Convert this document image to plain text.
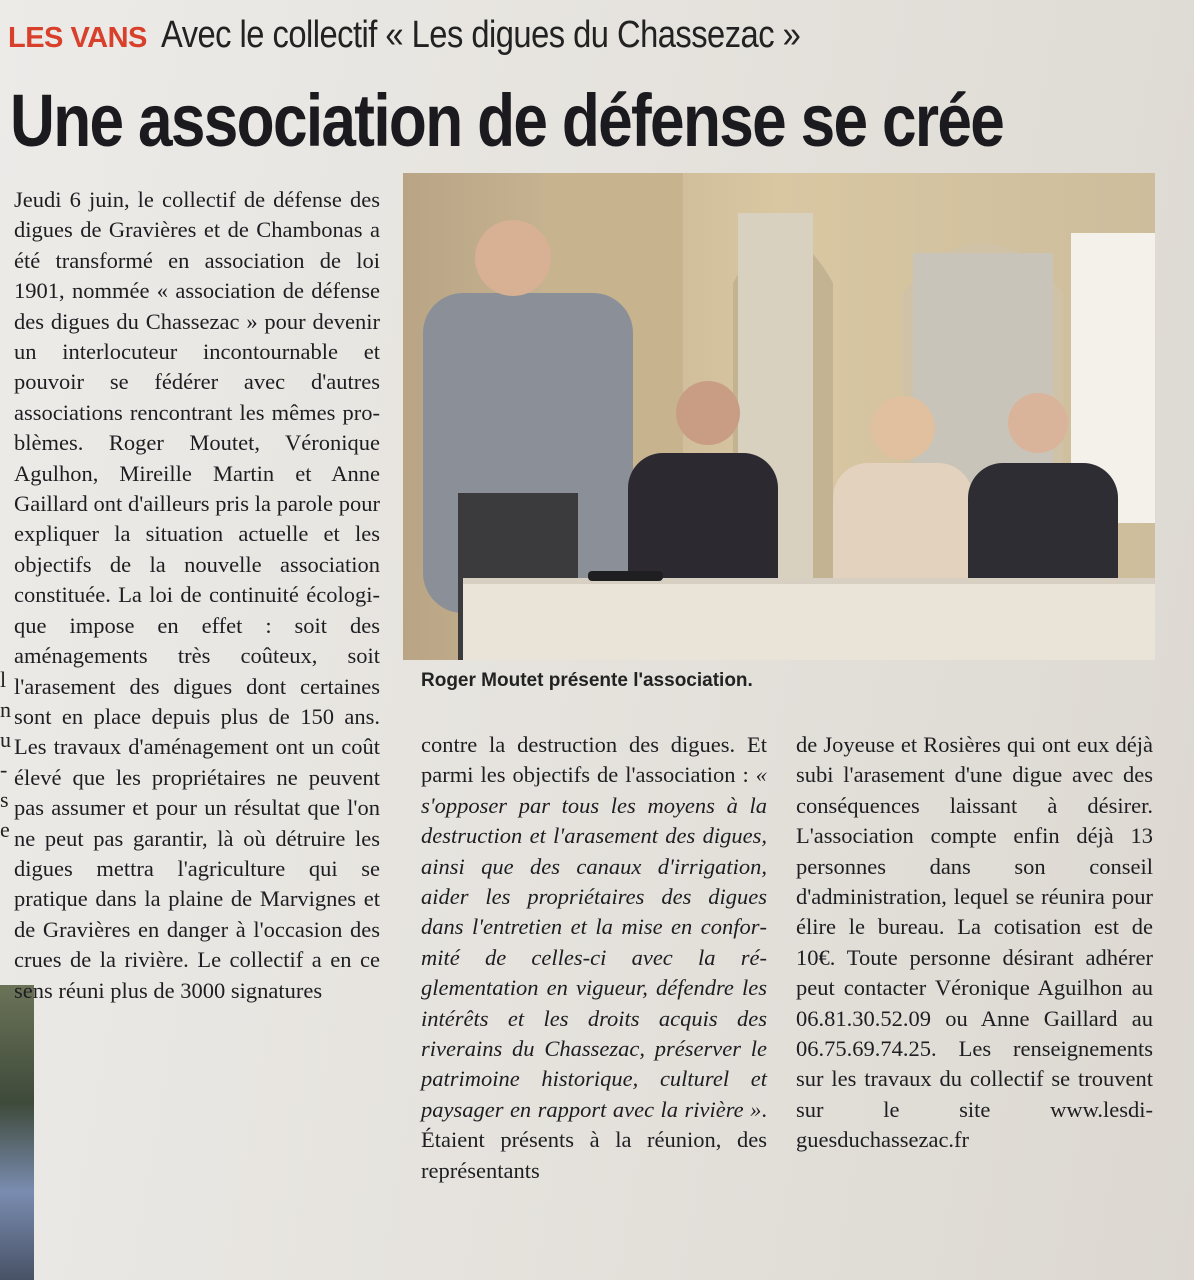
l
n
u
-
s
e
LES VANS Avec le collectif « Les digues du Chassezac »
Une association de défense se crée

Jeudi 6 juin, le collectif de défense des digues de Gravières et de Chambonas a été transformé en association de loi 1901, nommée « association de défense des digues du Chassezac » pour devenir un interlocuteur incontournable et pouvoir se fédérer avec d'autres associations rencontrant les mêmes problèmes. Roger Moutet, Véronique Agulhon, Mireille Martin et Anne Gaillard ont d'ailleurs pris la parole pour expliquer la situation actuelle et les objectifs de la nouvelle association constituée. La loi de continuité écologique impose en effet : soit des aménagements très coûteux, soit l'arasement des digues dont certaines sont en place depuis plus de 150 ans. Les travaux d'aménagement ont un coût élevé que les propriétaires ne peuvent pas assumer et pour un résultat que l'on ne peut pas garantir, là où détruire les digues mettra l'agriculture qui se pratique dans la plaine de Marvignes et de Gravières en danger à l'occasion des crues de la rivière. Le collectif a en ce sens réuni plus de 3000 signatures

Roger Moutet présente l'association.

contre la destruction des digues. Et parmi les objectifs de l'association : « s'opposer par tous les moyens à la destruction et l'arasement des digues, ainsi que des canaux d'irrigation, aider les propriétaires des digues dans l'entretien et la mise en conformité de celles-ci avec la réglementation en vigueur, défendre les intérêts et les droits acquis des riverains du Chassezac, préserver le patrimoine historique, culturel et paysager en rapport avec la rivière ». Étaient présents à la réunion, des représentants

de Joyeuse et Rosières qui ont eux déjà subi l'arasement d'une digue avec des conséquences laissant à désirer. L'association compte enfin déjà 13 personnes dans son conseil d'administration, lequel se réunira pour élire le bureau. La cotisation est de 10€. Toute personne désirant adhérer peut contacter Véronique Aguilhon au 06.81.30.52.09 ou Anne Gaillard au 06.75.69.74.25. Les renseignements sur les travaux du collectif se trouvent sur le site www.lesdiguesduchassezac.fr
